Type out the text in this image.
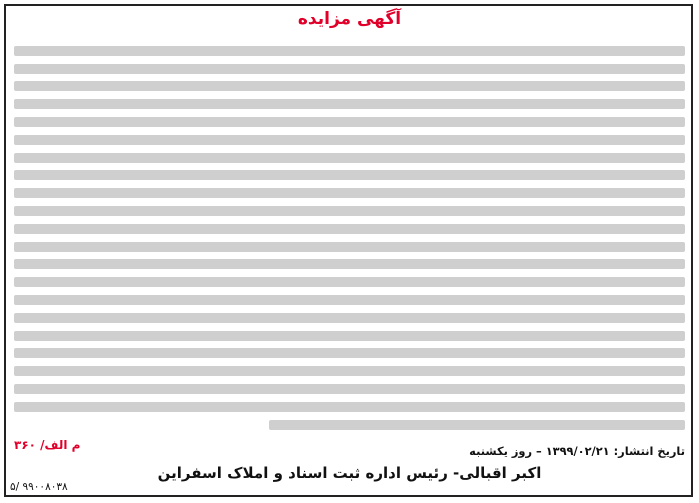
آگهی مزایده
م الف/ ۳۶۰	تاریخ انتشار: ۱۳۹۹/۰۲/۲۱ – روز یکشنبه
اکبر اقبالی- رئیس اداره ثبت اسناد و املاک اسفراین
۵/ ۹۹۰۰۸۰۳۸
